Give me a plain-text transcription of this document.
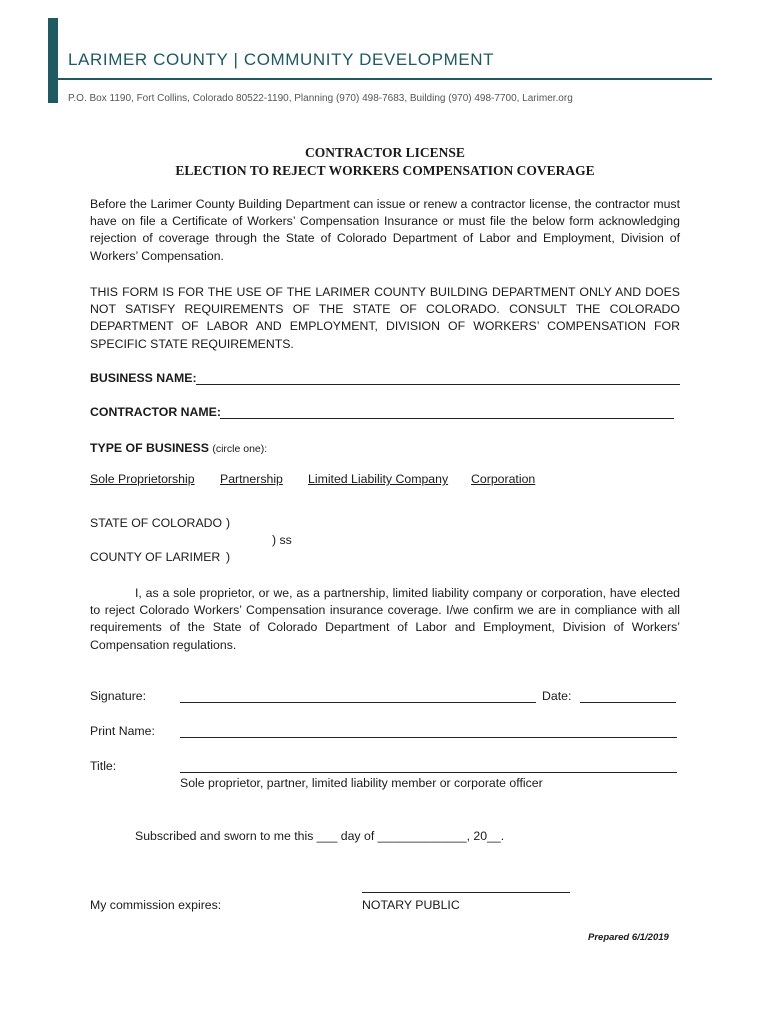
LARIMER COUNTY | COMMUNITY DEVELOPMENT
P.O. Box 1190, Fort Collins, Colorado 80522-1190, Planning (970) 498-7683, Building (970) 498-7700, Larimer.org
CONTRACTOR LICENSE
ELECTION TO REJECT WORKERS COMPENSATION COVERAGE
Before the Larimer County Building Department can issue or renew a contractor license, the contractor must have on file a Certificate of Workers’ Compensation Insurance or must file the below form acknowledging rejection of coverage through the State of Colorado Department of Labor and Employment, Division of Workers’ Compensation.
THIS FORM IS FOR THE USE OF THE LARIMER COUNTY BUILDING DEPARTMENT ONLY AND DOES NOT SATISFY REQUIREMENTS OF THE STATE OF COLORADO. CONSULT THE COLORADO DEPARTMENT OF LABOR AND EMPLOYMENT, DIVISION OF WORKERS’ COMPENSATION FOR SPECIFIC STATE REQUIREMENTS.
BUSINESS NAME:
CONTRACTOR NAME:
TYPE OF BUSINESS (circle one):
Sole Proprietorship Partnership Limited Liability Company Corporation
STATE OF COLORADO )
) ss
COUNTY OF LARIMER )
I, as a sole proprietor, or we, as a partnership, limited liability company or corporation, have elected to reject Colorado Workers’ Compensation insurance coverage. I/we confirm we are in compliance with all requirements of the State of Colorado Department of Labor and Employment, Division of Workers’ Compensation regulations.
Signature:	Date:
Print Name:
Title:
Sole proprietor, partner, limited liability member or corporate officer
Subscribed and sworn to me this ___ day of _____________, 20__.
My commission expires:	NOTARY PUBLIC
Prepared 6/1/2019
